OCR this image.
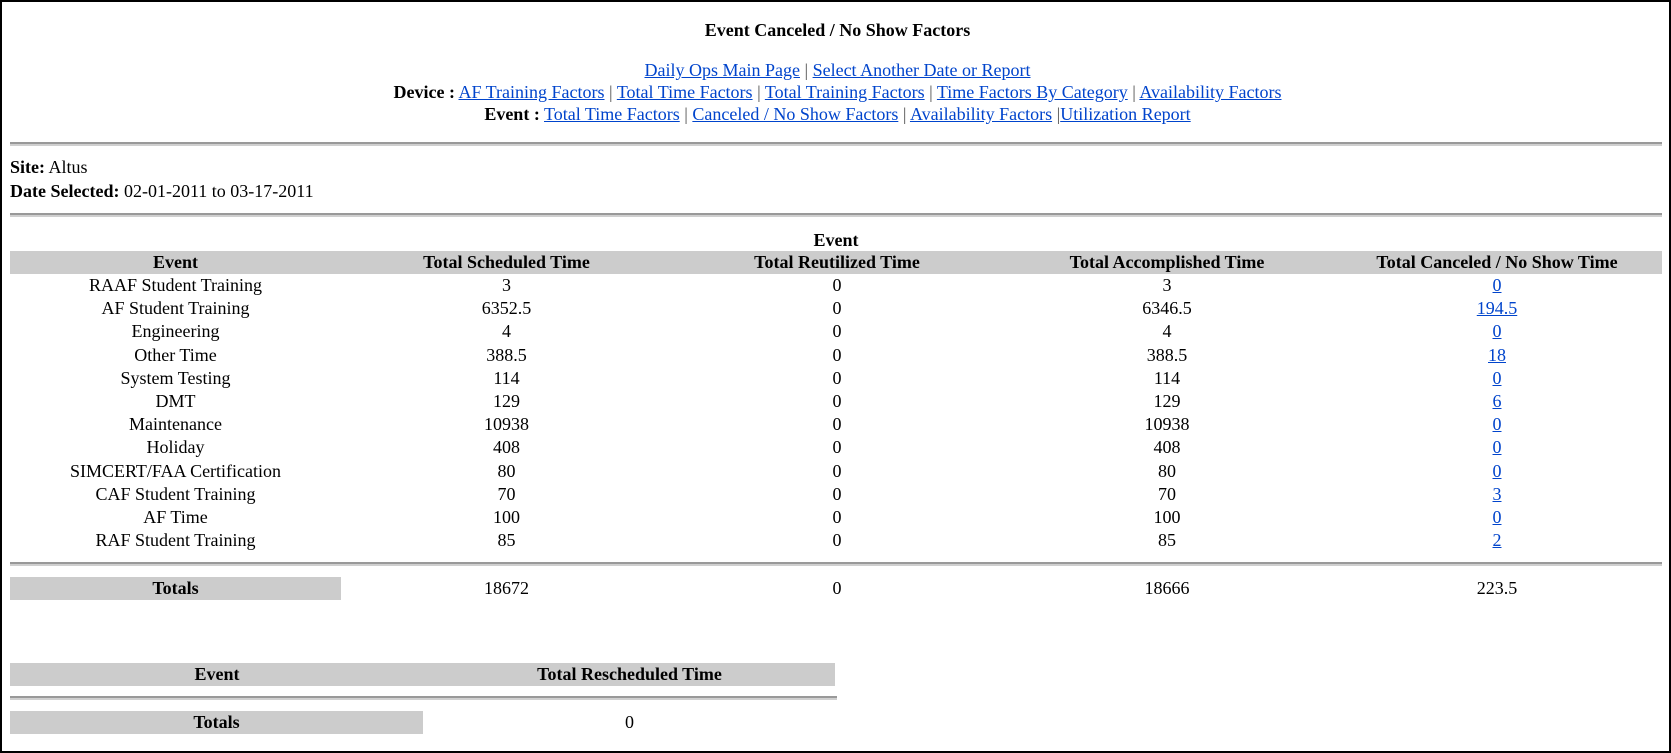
Event Canceled / No Show Factors
Daily Ops Main Page | Select Another Date or Report
Device : AF Training Factors | Total Time Factors | Total Training Factors | Time Factors By Category | Availability Factors
Event : Total Time Factors | Canceled / No Show Factors | Availability Factors |Utilization Report
Site: Altus
Date Selected: 02-01-2011 to 03-17-2011
Event
Event	Total Scheduled Time	Total Reutilized Time	Total Accomplished Time	Total Canceled / No Show Time
RAAF Student Training	3	0	3	0
AF Student Training	6352.5	0	6346.5	194.5
Engineering	4	0	4	0
Other Time	388.5	0	388.5	18
System Testing	114	0	114	0
DMT	129	0	129	6
Maintenance	10938	0	10938	0
Holiday	408	0	408	0
SIMCERT/FAA Certification	80	0	80	0
CAF Student Training	70	0	70	3
AF Time	100	0	100	0
RAF Student Training	85	0	85	2
Totals	18672	0	18666	223.5
Event	Total Rescheduled Time
Totals	0
